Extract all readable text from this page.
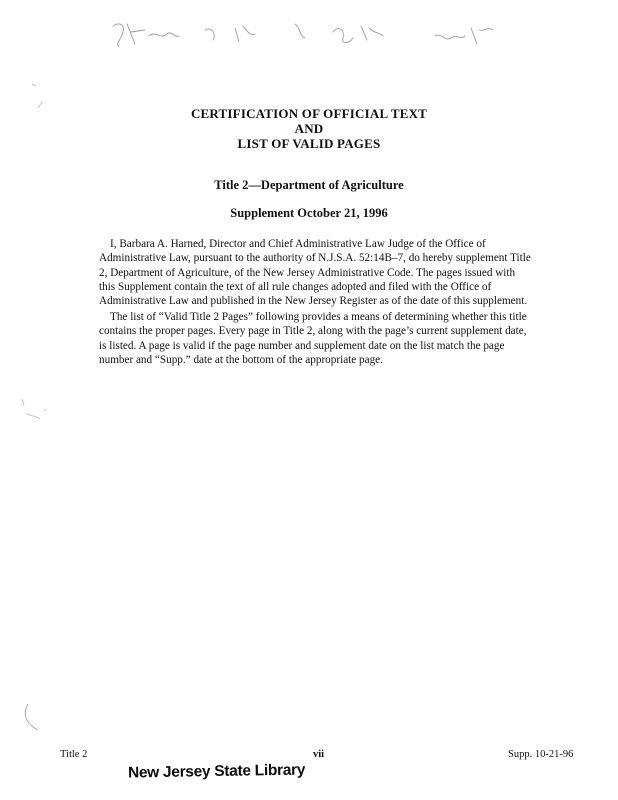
CERTIFICATION OF OFFICIAL TEXT
AND
LIST OF VALID PAGES
Title 2—Department of Agriculture
Supplement October 21, 1996

I, Barbara A. Harned, Director and Chief Administrative Law Judge of the Office of Administrative Law, pursuant to the authority of N.J.S.A. 52:14B–7, do hereby supplement Title 2, Department of Agriculture, of the New Jersey Administrative Code. The pages issued with this Supplement contain the text of all rule changes adopted and filed with the Office of Administrative Law and published in the New Jersey Register as of the date of this supplement.

The list of “Valid Title 2 Pages” following provides a means of determining whether this title contains the proper pages. Every page in Title 2, along with the page’s current supplement date, is listed. A page is valid if the page number and supplement date on the list match the page number and “Supp.” date at the bottom of the appropriate page.

Title 2	vii	Supp. 10-21-96
New Jersey State Library
